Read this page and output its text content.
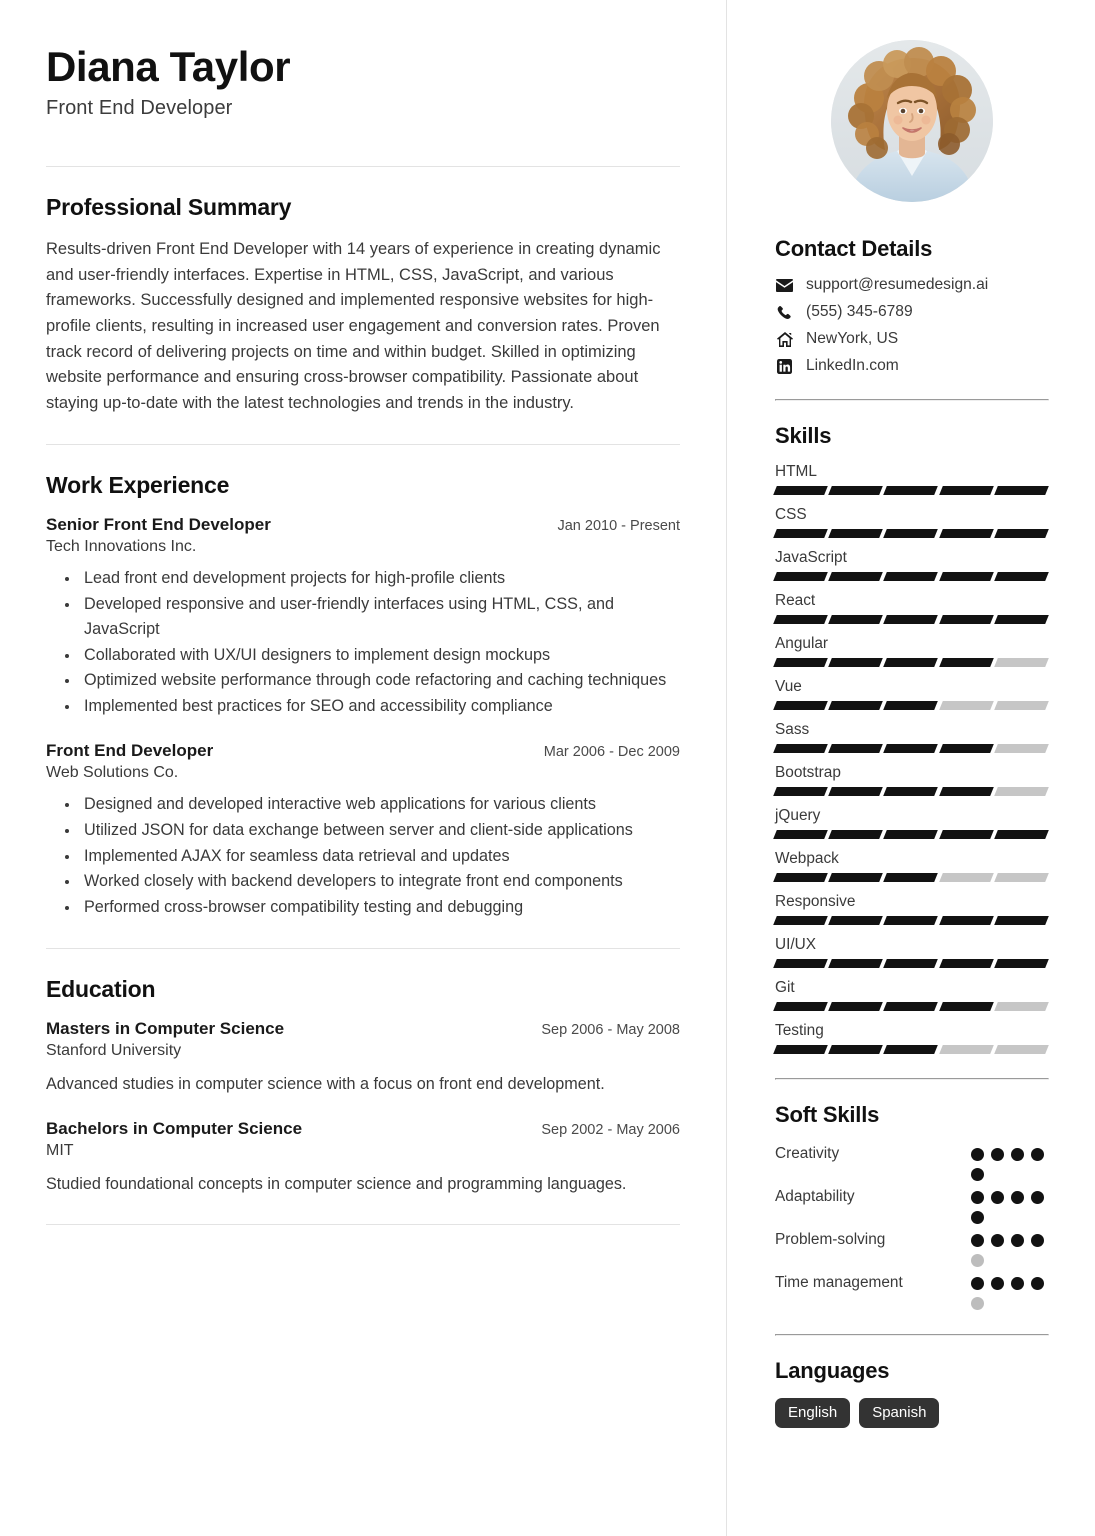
Diana Taylor
Front End Developer
Professional Summary

Results-driven Front End Developer with 14 years of experience in creating dynamic and user-friendly interfaces. Expertise in HTML, CSS, JavaScript, and various frameworks. Successfully designed and implemented responsive websites for high-profile clients, resulting in increased user engagement and conversion rates. Proven track record of delivering projects on time and within budget. Skilled in optimizing website performance and ensuring cross-browser compatibility. Passionate about staying up-to-date with the latest technologies and trends in the industry.

Work Experience
Senior Front End Developer	Jan 2010 - Present
Tech Innovations Inc.
• Lead front end development projects for high-profile clients
• Developed responsive and user-friendly interfaces using HTML, CSS, and JavaScript
• Collaborated with UX/UI designers to implement design mockups
• Optimized website performance through code refactoring and caching techniques
• Implemented best practices for SEO and accessibility compliance
Front End Developer	Mar 2006 - Dec 2009
Web Solutions Co.
• Designed and developed interactive web applications for various clients
• Utilized JSON for data exchange between server and client-side applications
• Implemented AJAX for seamless data retrieval and updates
• Worked closely with backend developers to integrate front end components
• Performed cross-browser compatibility testing and debugging
Education
Masters in Computer Science	Sep 2006 - May 2008
Stanford University
Advanced studies in computer science with a focus on front end development.
Bachelors in Computer Science	Sep 2002 - May 2006
MIT
Studied foundational concepts in computer science and programming languages.
Contact Details
support@resumedesign.ai
(555) 345-6789
NewYork, US
LinkedIn.com
Skills
HTML
CSS
JavaScript
React
Angular
Vue
Sass
Bootstrap
jQuery
Webpack
Responsive
UI/UX
Git
Testing
Soft Skills
Creativity
Adaptability
Problem-solving
Time management
Languages
English	Spanish
